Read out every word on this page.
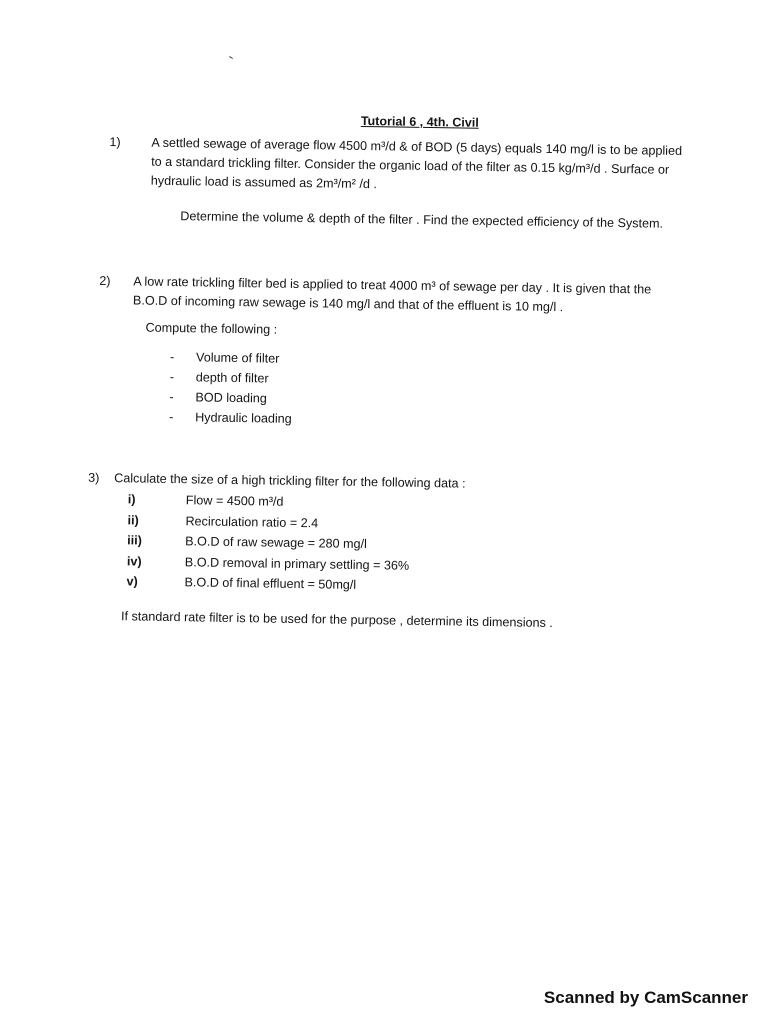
Tutorial 6 , 4th. Civil
1) A settled sewage of average flow 4500 m³/d & of BOD (5 days) equals 140 mg/l is to be applied to a standard trickling filter. Consider the organic load of the filter as 0.15 kg/m³/d . Surface or hydraulic load is assumed as 2m³/m² /d .
Determine the volume & depth of the filter . Find the expected efficiency of the System.
2) A low rate trickling filter bed is applied to treat 4000 m³ of sewage per day . It is given that the B.O.D of incoming raw sewage is 140 mg/l and that of the effluent is 10 mg/l .
Compute the following :
-	Volume of filter
-	depth of filter
-	BOD loading
-	Hydraulic loading
3) Calculate the size of a high trickling filter for the following data :
i)	Flow = 4500 m³/d
ii)	Recirculation ratio = 2.4
iii)	B.O.D of raw sewage = 280 mg/l
iv)	B.O.D removal in primary settling = 36%
v)	B.O.D of final effluent = 50mg/l
If standard rate filter is to be used for the purpose , determine its dimensions .
Scanned by CamScanner
